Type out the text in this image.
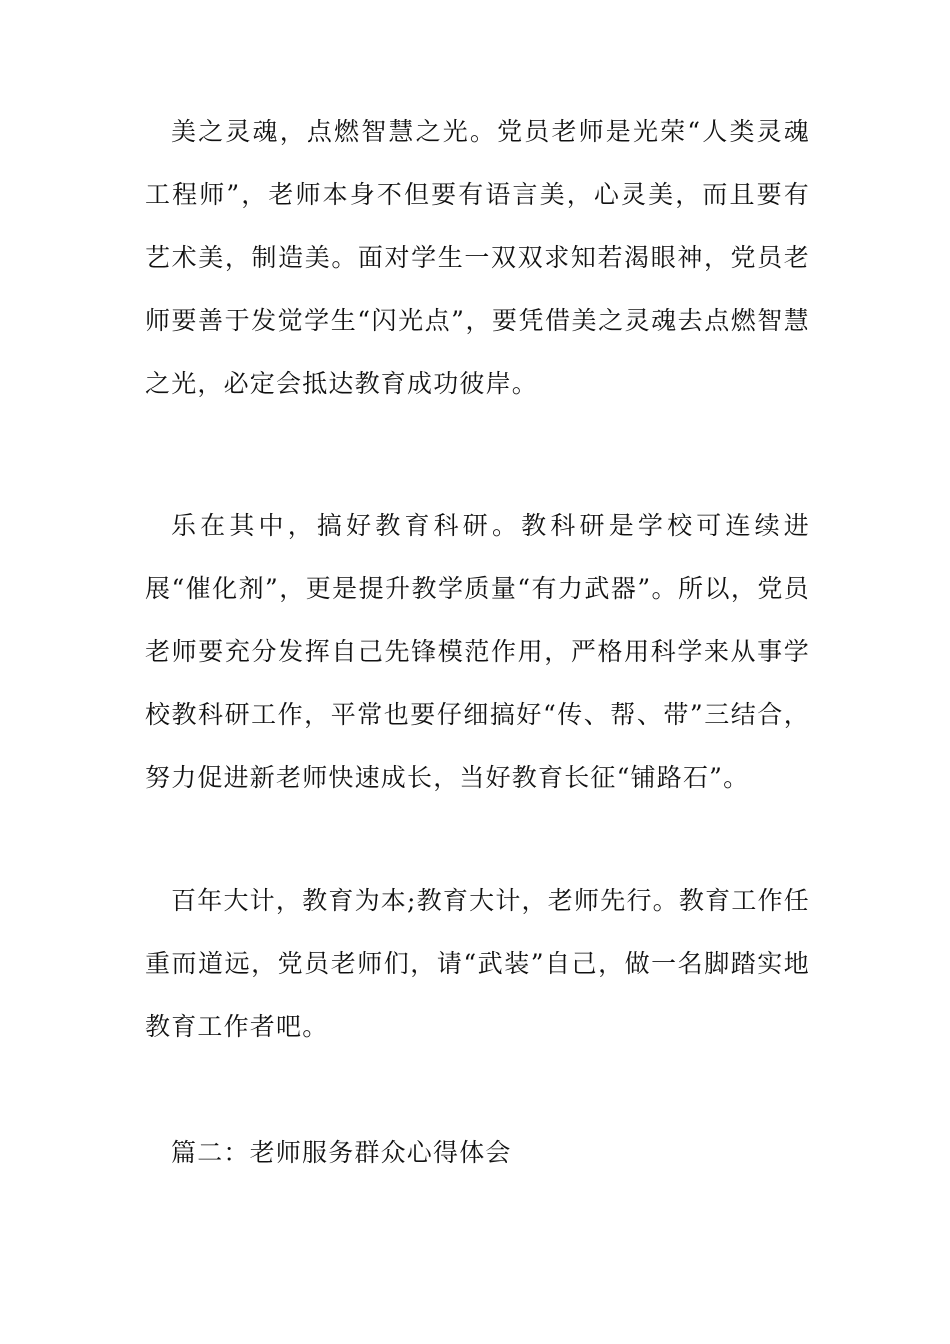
美之灵魂，点燃智慧之光。党员老师是光荣“人类灵魂工程师”，老师本身不但要有语言美，心灵美，而且要有艺术美，制造美。面对学生一双双求知若渴眼神，党员老师要善于发觉学生“闪光点”，要凭借美之灵魂去点燃智慧之光，必定会抵达教育成功彼岸。

乐在其中，搞好教育科研。教科研是学校可连续进展“催化剂”，更是提升教学质量“有力武器”。所以，党员老师要充分发挥自己先锋模范作用，严格用科学来从事学校教科研工作，平常也要仔细搞好“传、帮、带”三结合，努力促进新老师快速成长，当好教育长征“铺路石”。

百年大计，教育为本;教育大计，老师先行。教育工作任重而道远，党员老师们，请“武装”自己，做一名脚踏实地教育工作者吧。

篇二：老师服务群众心得体会
